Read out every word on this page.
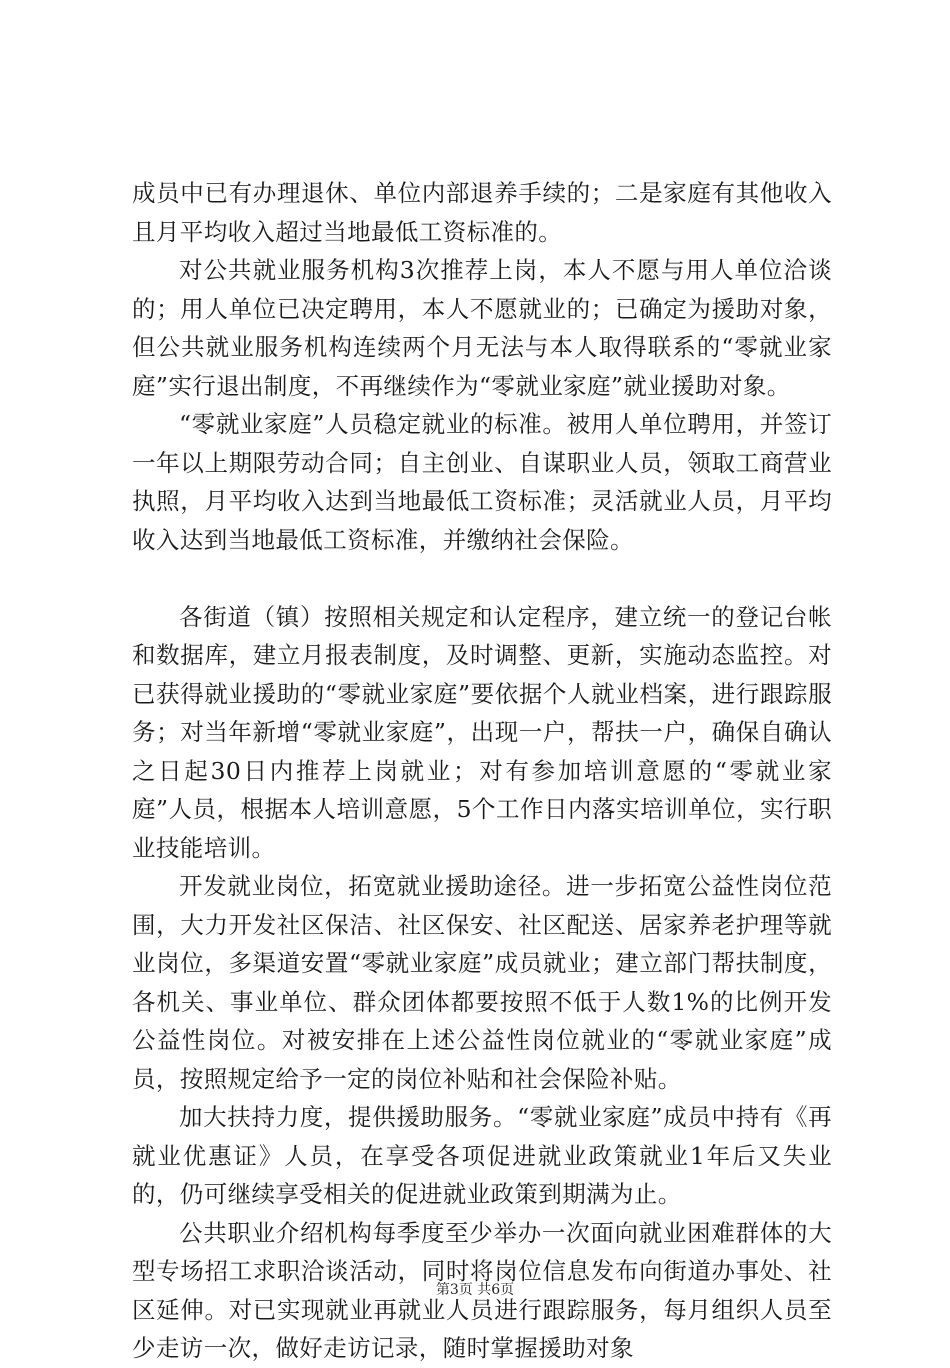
成员中已有办理退休、单位内部退养手续的；二是家庭有其他收入且月平均收入超过当地最低工资标准的。

对公共就业服务机构3次推荐上岗，本人不愿与用人单位洽谈的；用人单位已决定聘用，本人不愿就业的；已确定为援助对象，但公共就业服务机构连续两个月无法与本人取得联系的“零就业家庭”实行退出制度，不再继续作为“零就业家庭”就业援助对象。

“零就业家庭”人员稳定就业的标准。被用人单位聘用，并签订一年以上期限劳动合同；自主创业、自谋职业人员，领取工商营业执照，月平均收入达到当地最低工资标准；灵活就业人员，月平均收入达到当地最低工资标准，并缴纳社会保险。

各街道（镇）按照相关规定和认定程序，建立统一的登记台帐和数据库，建立月报表制度，及时调整、更新，实施动态监控。对已获得就业援助的“零就业家庭”要依据个人就业档案，进行跟踪服务；对当年新增“零就业家庭”，出现一户，帮扶一户，确保自确认之日起30日内推荐上岗就业；对有参加培训意愿的“零就业家庭”人员，根据本人培训意愿，5个工作日内落实培训单位，实行职业技能培训。

开发就业岗位，拓宽就业援助途径。进一步拓宽公益性岗位范围，大力开发社区保洁、社区保安、社区配送、居家养老护理等就业岗位，多渠道安置“零就业家庭”成员就业；建立部门帮扶制度，各机关、事业单位、群众团体都要按照不低于人数1%的比例开发公益性岗位。对被安排在上述公益性岗位就业的“零就业家庭”成员，按照规定给予一定的岗位补贴和社会保险补贴。

加大扶持力度，提供援助服务。“零就业家庭”成员中持有《再就业优惠证》人员，在享受各项促进就业政策就业1年后又失业的，仍可继续享受相关的促进就业政策到期满为止。

公共职业介绍机构每季度至少举办一次面向就业困难群体的大型专场招工求职洽谈活动，同时将岗位信息发布向街道办事处、社区延伸。对已实现就业再就业人员进行跟踪服务，每月组织人员至少走访一次，做好走访记录，随时掌握援助对象

第3页 共6页
